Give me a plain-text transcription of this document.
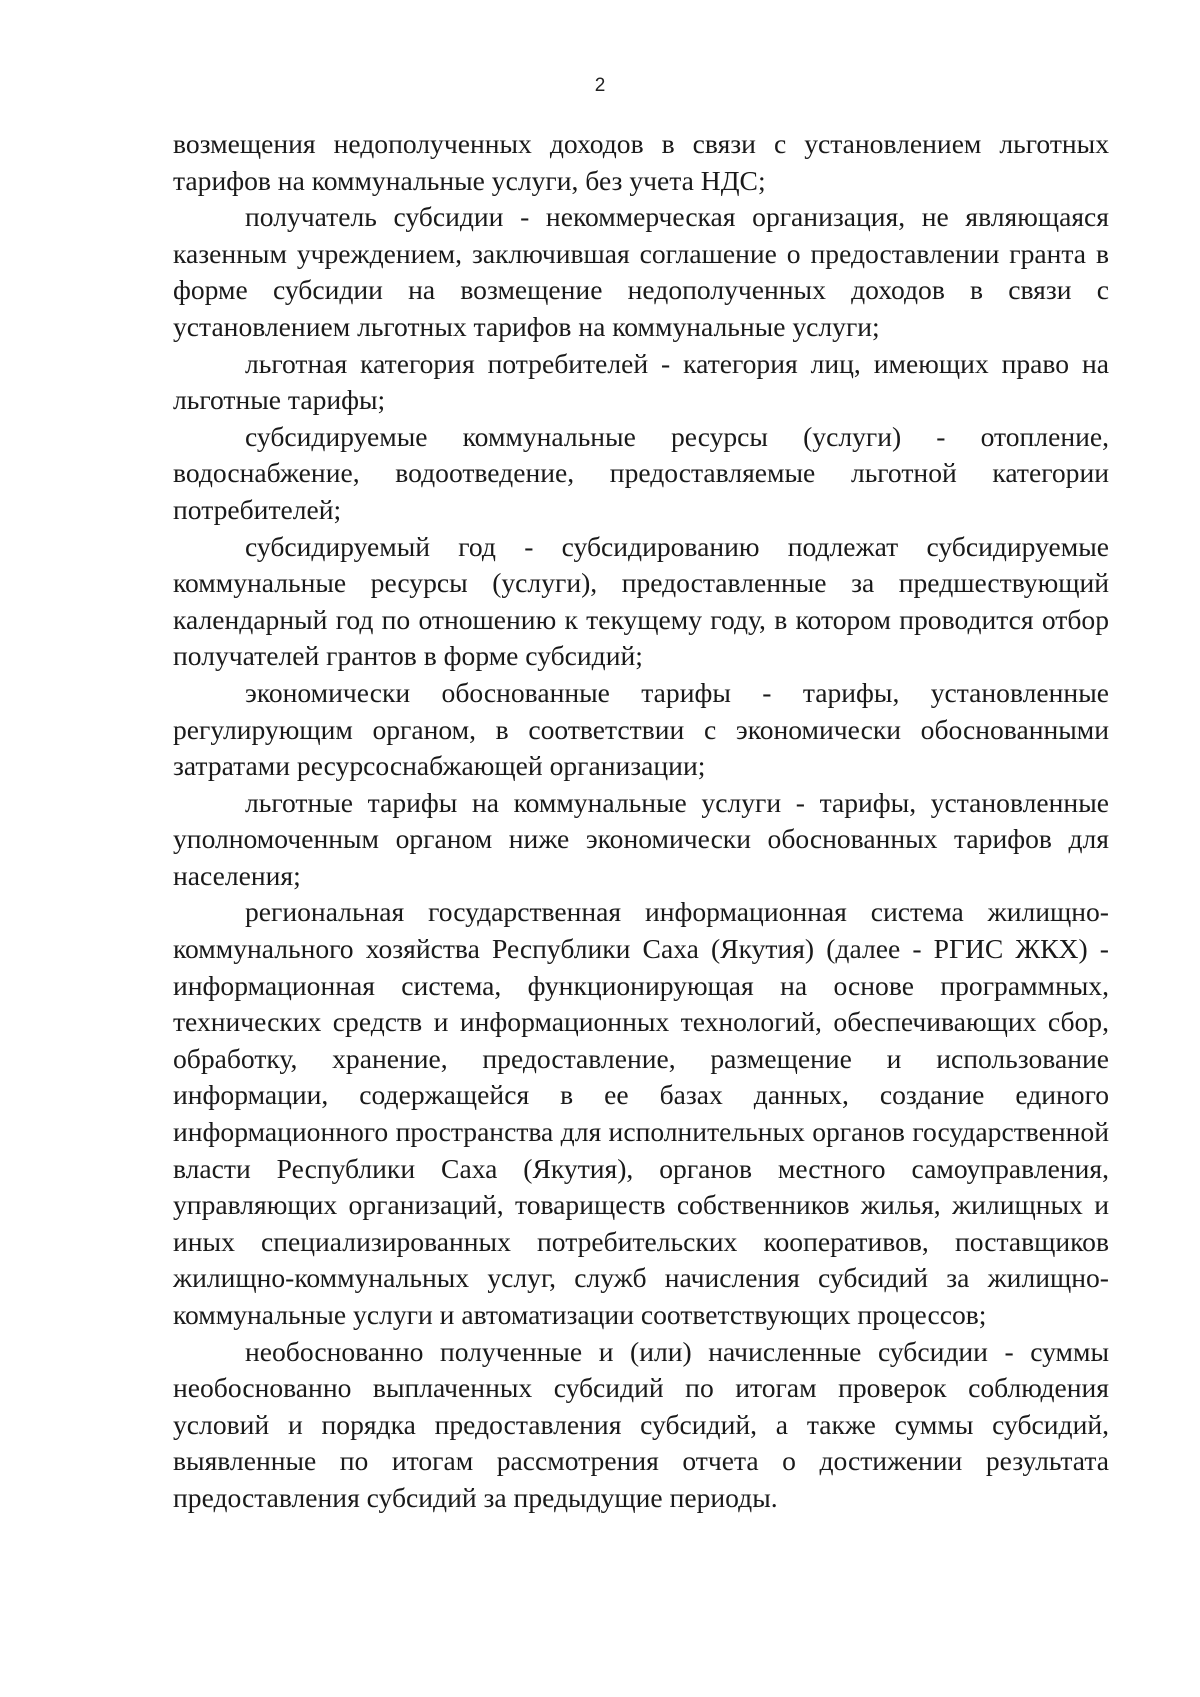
2

возмещения недополученных доходов в связи с установлением льготных тарифов на коммунальные услуги, без учета НДС;

получатель субсидии - некоммерческая организация, не являющаяся казенным учреждением, заключившая соглашение о предоставлении гранта в форме субсидии на возмещение недополученных доходов в связи с установлением льготных тарифов на коммунальные услуги;

льготная категория потребителей - категория лиц, имеющих право на льготные тарифы;

субсидируемые коммунальные ресурсы (услуги) - отопление, водоснабжение, водоотведение, предоставляемые льготной категории потребителей;

субсидируемый год - субсидированию подлежат субсидируемые коммунальные ресурсы (услуги), предоставленные за предшествующий календарный год по отношению к текущему году, в котором проводится отбор получателей грантов в форме субсидий;

экономически обоснованные тарифы - тарифы, установленные регулирующим органом, в соответствии с экономически обоснованными затратами ресурсоснабжающей организации;

льготные тарифы на коммунальные услуги - тарифы, установленные уполномоченным органом ниже экономически обоснованных тарифов для населения;

региональная государственная информационная система жилищно-коммунального хозяйства Республики Саха (Якутия) (далее - РГИС ЖКХ) - информационная система, функционирующая на основе программных, технических средств и информационных технологий, обеспечивающих сбор, обработку, хранение, предоставление, размещение и использование информации, содержащейся в ее базах данных, создание единого информационного пространства для исполнительных органов государственной власти Республики Саха (Якутия), органов местного самоуправления, управляющих организаций, товариществ собственников жилья, жилищных и иных специализированных потребительских кооперативов, поставщиков жилищно-коммунальных услуг, служб начисления субсидий за жилищно-коммунальные услуги и автоматизации соответствующих процессов;

необоснованно полученные и (или) начисленные субсидии - суммы необоснованно выплаченных субсидий по итогам проверок соблюдения условий и порядка предоставления субсидий, а также суммы субсидий, выявленные по итогам рассмотрения отчета о достижении результата предоставления субсидий за предыдущие периоды.
